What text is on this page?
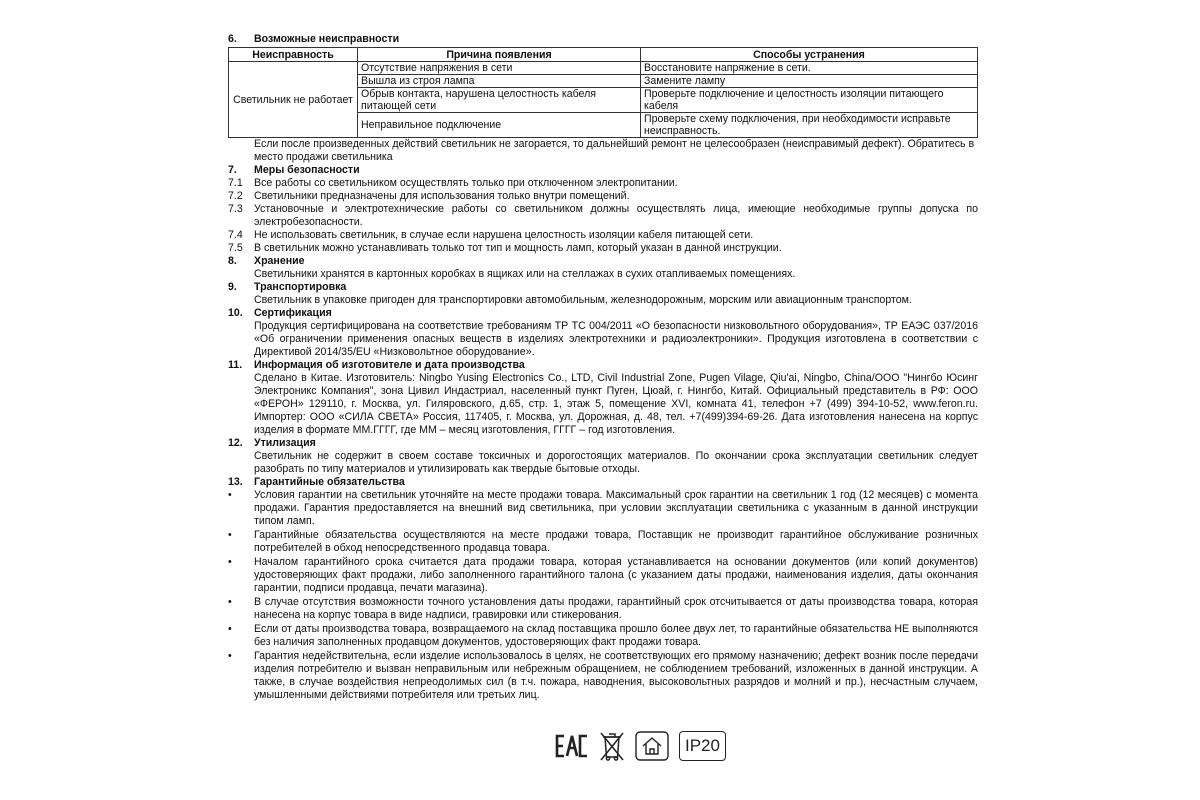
6.	Возможные неисправности
Неисправность	Причина появления	Способы устранения
Светильник не работает	Отсутствие напряжения в сети	Восстановите напряжение в сети.
	Вышла из строя лампа	Замените лампу
	Обрыв контакта, нарушена целостность кабеля питающей сети	Проверьте подключение и целостность изоляции питающего кабеля
	Неправильное подключение	Проверьте схему подключения, при необходимости исправьте неисправность.
Если после произведенных действий светильник не загорается, то дальнейший ремонт не целесообразен (неисправимый дефект). Обратитесь в место продажи светильника
7.	Меры безопасности
7.1	Все работы со светильником осуществлять только при отключенном электропитании.
7.2	Светильники предназначены для использования только внутри помещений.
7.3	Установочные и электротехнические работы со светильником должны осуществлять лица, имеющие необходимые группы допуска по электробезопасности.
7.4	Не использовать светильник, в случае если нарушена целостность изоляции кабеля питающей сети.
7.5	В светильник можно устанавливать только тот тип и мощность ламп, который указан в данной инструкции.
8.	Хранение
Светильники хранятся в картонных коробках в ящиках или на стеллажах в сухих отапливаемых помещениях.
9.	Транспортировка
Светильник в упаковке пригоден для транспортировки автомобильным, железнодорожным, морским или авиационным транспортом.
10.	Сертификация
Продукция сертифицирована на соответствие требованиям ТР ТС 004/2011 «О безопасности низковольтного оборудования», ТР ЕАЭС 037/2016 «Об ограничении применения опасных веществ в изделиях электротехники и радиоэлектроники». Продукция изготовлена в соответствии с Директивой 2014/35/EU «Низковольтное оборудование».
11.	Информация об изготовителе и дата производства
Сделано в Китае. Изготовитель: Ningbo Yusing Electronics Co., LTD, Civil Industrial Zone, Pugen Vilage, Qiu'ai, Ningbo, China/ООО "Нингбо Юсинг Электроникс Компания", зона Цивил Индастриал, населенный пункт Пуген, Цюай, г. Нингбо, Китай. Официальный представитель в РФ: ООО «ФЕРОН» 129110, г. Москва, ул. Гиляровского, д.65, стр. 1, этаж 5, помещение XVI, комната 41, телефон +7 (499) 394-10-52, www.feron.ru. Импортер: ООО «СИЛА СВЕТА» Россия, 117405, г. Москва, ул. Дорожная, д. 48, тел. +7(499)394-69-26. Дата изготовления нанесена на корпус изделия в формате ММ.ГГГГ, где ММ – месяц изготовления, ГГГГ – год изготовления.
12.	Утилизация
Светильник не содержит в своем составе токсичных и дорогостоящих материалов. По окончании срока эксплуатации светильник следует разобрать по типу материалов и утилизировать как твердые бытовые отходы.
13.	Гарантийные обязательства
•	Условия гарантии на светильник уточняйте на месте продажи товара. Максимальный срок гарантии на светильник 1 год (12 месяцев) с момента продажи. Гарантия предоставляется на внешний вид светильника, при условии эксплуатации светильника с указанным в данной инструкции типом ламп.
•	Гарантийные обязательства осуществляются на месте продажи товара, Поставщик не производит гарантийное обслуживание розничных потребителей в обход непосредственного продавца товара.
•	Началом гарантийного срока считается дата продажи товара, которая устанавливается на основании документов (или копий документов) удостоверяющих факт продажи, либо заполненного гарантийного талона (с указанием даты продажи, наименования изделия, даты окончания гарантии, подписи продавца, печати магазина).
•	В случае отсутствия возможности точного установления даты продажи, гарантийный срок отсчитывается от даты производства товара, которая нанесена на корпус товара в виде надписи, гравировки или стикерования.
•	Если от даты производства товара, возвращаемого на склад поставщика прошло более двух лет, то гарантийные обязательства НЕ выполняются без наличия заполненных продавцом документов, удостоверяющих факт продажи товара.
•	Гарантия недействительна, если изделие использовалось в целях, не соответствующих его прямому назначению; дефект возник после передачи изделия потребителю и вызван неправильным или небрежным обращением, не соблюдением требований, изложенных в данной инструкции. А также, в случае воздействия непреодолимых сил (в т.ч. пожара, наводнения, высоковольтных разрядов и молний и пр.), несчастным случаем, умышленными действиями потребителя или третьих лиц.
IP20
